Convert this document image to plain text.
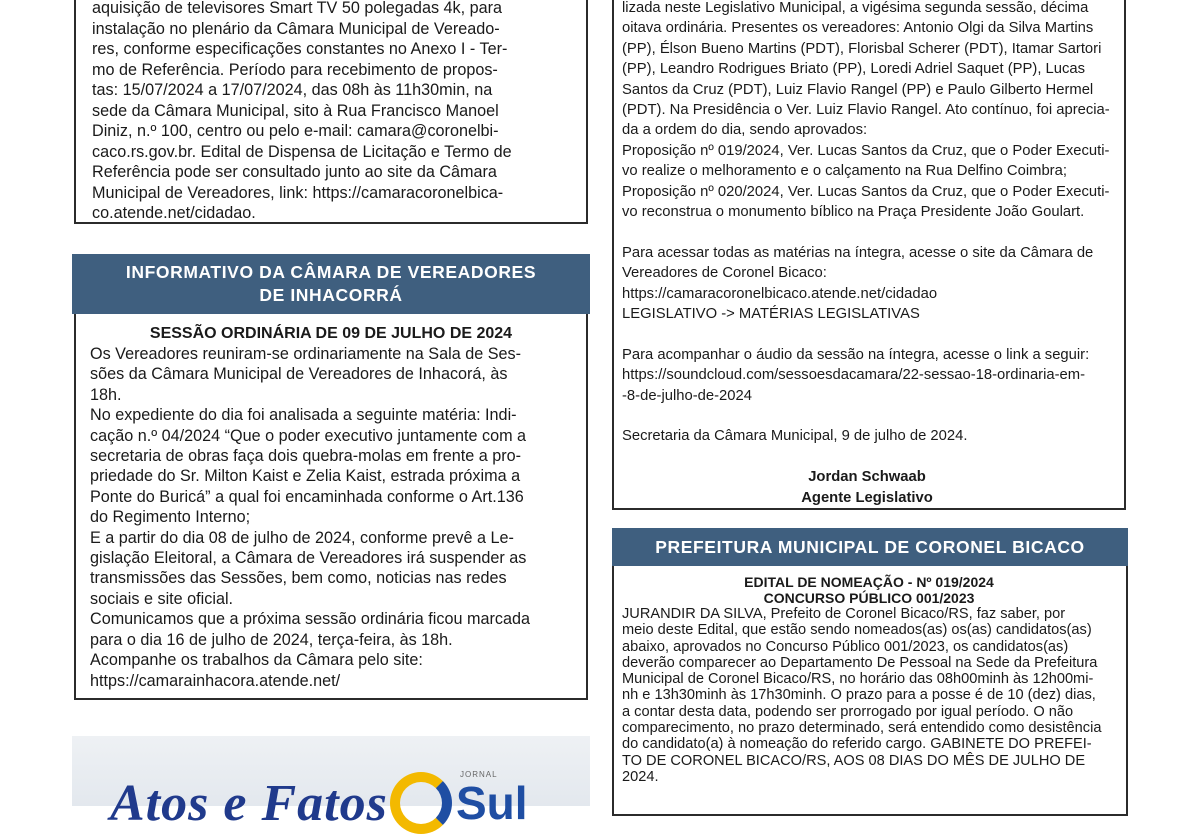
aquisição de televisores Smart TV 50 polegadas 4k, para
instalação no plenário da Câmara Municipal de Vereado-
res, conforme especificações constantes no Anexo I - Ter-
mo de Referência. Período para recebimento de propos-
tas: 15/07/2024 a 17/07/2024, das 08h às 11h30min, na
sede da Câmara Municipal, sito à Rua Francisco Manoel
Diniz, n.º 100, centro ou pelo e-mail: camara@coronelbi-
caco.rs.gov.br. Edital de Dispensa de Licitação e Termo de
Referência pode ser consultado junto ao site da Câmara
Municipal de Vereadores, link: https://camaracoronelbica-
co.atende.net/cidadao.
INFORMATIVO DA CÂMARA DE VEREADORES
DE INHACORRÁ
SESSÃO ORDINÁRIA DE 09 DE JULHO DE 2024
Os Vereadores reuniram-se ordinariamente na Sala de Ses-
sões da Câmara Municipal de Vereadores de Inhacorá, às
18h.
No expediente do dia foi analisada a seguinte matéria: Indi-
cação n.º 04/2024 “Que o poder executivo juntamente com a
secretaria de obras faça dois quebra-molas em frente a pro-
priedade do Sr. Milton Kaist e Zelia Kaist, estrada próxima a
Ponte do Buricá” a qual foi encaminhada conforme o Art.136
do Regimento Interno;
E a partir do dia 08 de julho de 2024, conforme prevê a Le-
gislação Eleitoral, a Câmara de Vereadores irá suspender as
transmissões das Sessões, bem como, noticias nas redes
sociais e site oficial.
Comunicamos que a próxima sessão ordinária ficou marcada
para o dia 16 de julho de 2024, terça-feira, às 18h.
Acompanhe os trabalhos da Câmara pelo site:
https://camarainhacora.atende.net/
Atos e Fatos
JORNAL
Sul
lizada neste Legislativo Municipal, a vigésima segunda sessão, décima
oitava ordinária. Presentes os vereadores: Antonio Olgi da Silva Martins
(PP), Élson Bueno Martins (PDT), Florisbal Scherer (PDT), Itamar Sartori
(PP), Leandro Rodrigues Briato (PP), Loredi Adriel Saquet (PP), Lucas
Santos da Cruz (PDT), Luiz Flavio Rangel (PP) e Paulo Gilberto Hermel
(PDT). Na Presidência o Ver. Luiz Flavio Rangel. Ato contínuo, foi aprecia-
da a ordem do dia, sendo aprovados:
Proposição nº 019/2024, Ver. Lucas Santos da Cruz, que o Poder Executi-
vo realize o melhoramento e o calçamento na Rua Delfino Coimbra;
Proposição nº 020/2024, Ver. Lucas Santos da Cruz, que o Poder Executi-
vo reconstrua o monumento bíblico na Praça Presidente João Goulart.
Para acessar todas as matérias na íntegra, acesse o site da Câmara de
Vereadores de Coronel Bicaco:
https://camaracoronelbicaco.atende.net/cidadao
LEGISLATIVO -> MATÉRIAS LEGISLATIVAS
Para acompanhar o áudio da sessão na íntegra, acesse o link a seguir:
https://soundcloud.com/sessoesdacamara/22-sessao-18-ordinaria-em-
-8-de-julho-de-2024
Secretaria da Câmara Municipal, 9 de julho de 2024.
Jordan Schwaab
Agente Legislativo
PREFEITURA MUNICIPAL DE CORONEL BICACO
EDITAL DE NOMEAÇÃO - Nº 019/2024
CONCURSO PÚBLICO 001/2023
JURANDIR DA SILVA, Prefeito de Coronel Bicaco/RS, faz saber, por
meio deste Edital, que estão sendo nomeados(as) os(as) candidatos(as)
abaixo, aprovados no Concurso Público 001/2023, os candidatos(as)
deverão comparecer ao Departamento De Pessoal na Sede da Prefeitura
Municipal de Coronel Bicaco/RS, no horário das 08h00minh às 12h00mi-
nh e 13h30minh às 17h30minh. O prazo para a posse é de 10 (dez) dias,
a contar desta data, podendo ser prorrogado por igual período. O não
comparecimento, no prazo determinado, será entendido como desistência
do candidato(a) à nomeação do referido cargo. GABINETE DO PREFEI-
TO DE CORONEL BICACO/RS, AOS 08 DIAS DO MÊS DE JULHO DE
2024.
